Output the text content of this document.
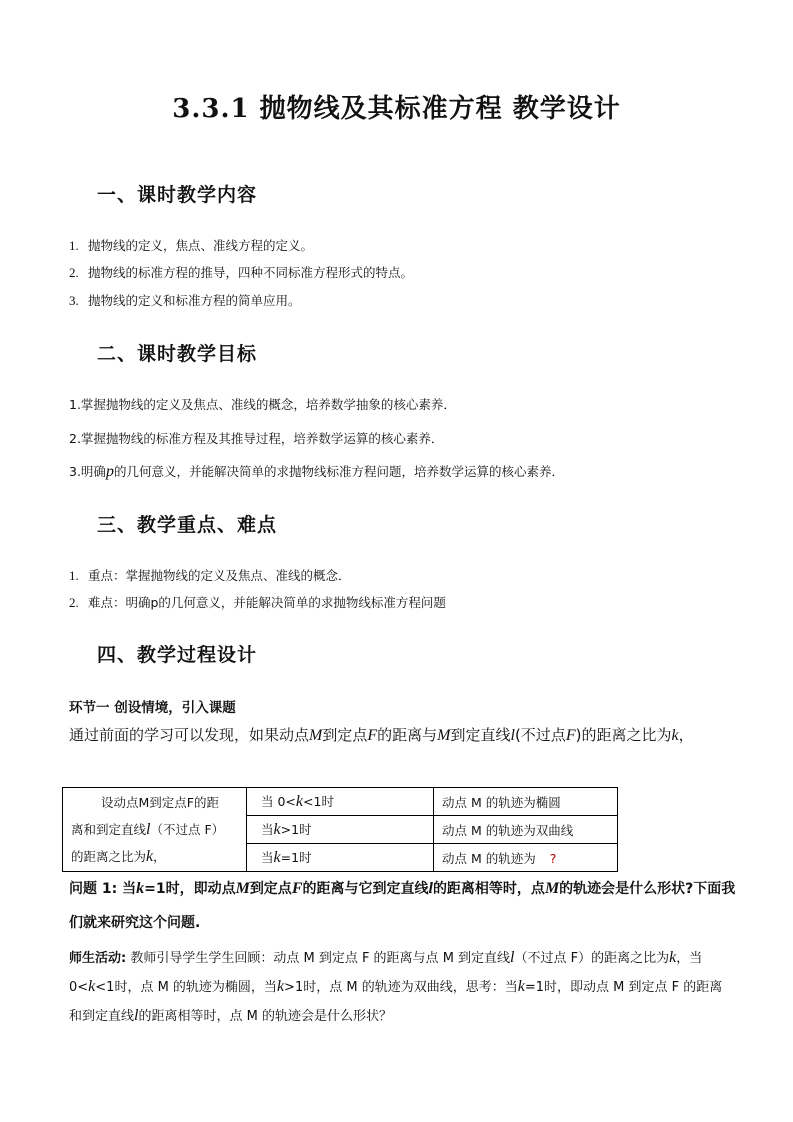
3.3.1 抛物线及其标准方程 教学设计
一、课时教学内容
1. 抛物线的定义，焦点、准线方程的定义。
2. 抛物线的标准方程的推导，四种不同标准方程形式的特点。
3. 抛物线的定义和标准方程的简单应用。
二、课时教学目标
1.掌握抛物线的定义及焦点、准线的概念，培养数学抽象的核心素养．
2.掌握抛物线的标准方程及其推导过程，培养数学运算的核心素养．
3.明确p的几何意义，并能解决简单的求抛物线标准方程问题，培养数学运算的核心素养．
三、教学重点、难点
1. 重点：掌握抛物线的定义及焦点、准线的概念．
2. 难点：明确p的几何意义，并能解决简单的求抛物线标准方程问题
四、教学过程设计
环节一 创设情境，引入课题
通过前面的学习可以发现，如果动点M到定点F的距离与M到定直线l(不过点F)的距离之比为k，
设动点M到定点F的距
离和到定直线l（不过点 F）
的距离之比为k，	当 0<k<1时	动点 M 的轨迹为椭圆
	当k>1时	动点 M 的轨迹为双曲线
	当k=1时	动点 M 的轨迹为 ?
问题 1: 当k=1时，即动点M到定点F的距离与它到定直线l的距离相等时，点M的轨迹会是什么形状?下面我们就来研究这个问题.
师生活动: 教师引导学生学生回顾：动点 M 到定点 F 的距离与点 M 到定直线l（不过点 F）的距离之比为k，当 0<k<1时，点 M 的轨迹为椭圆，当k>1时，点 M 的轨迹为双曲线，思考：当k=1时，即动点 M 到定点 F 的距离和到定直线l的距离相等时，点 M 的轨迹会是什么形状？
